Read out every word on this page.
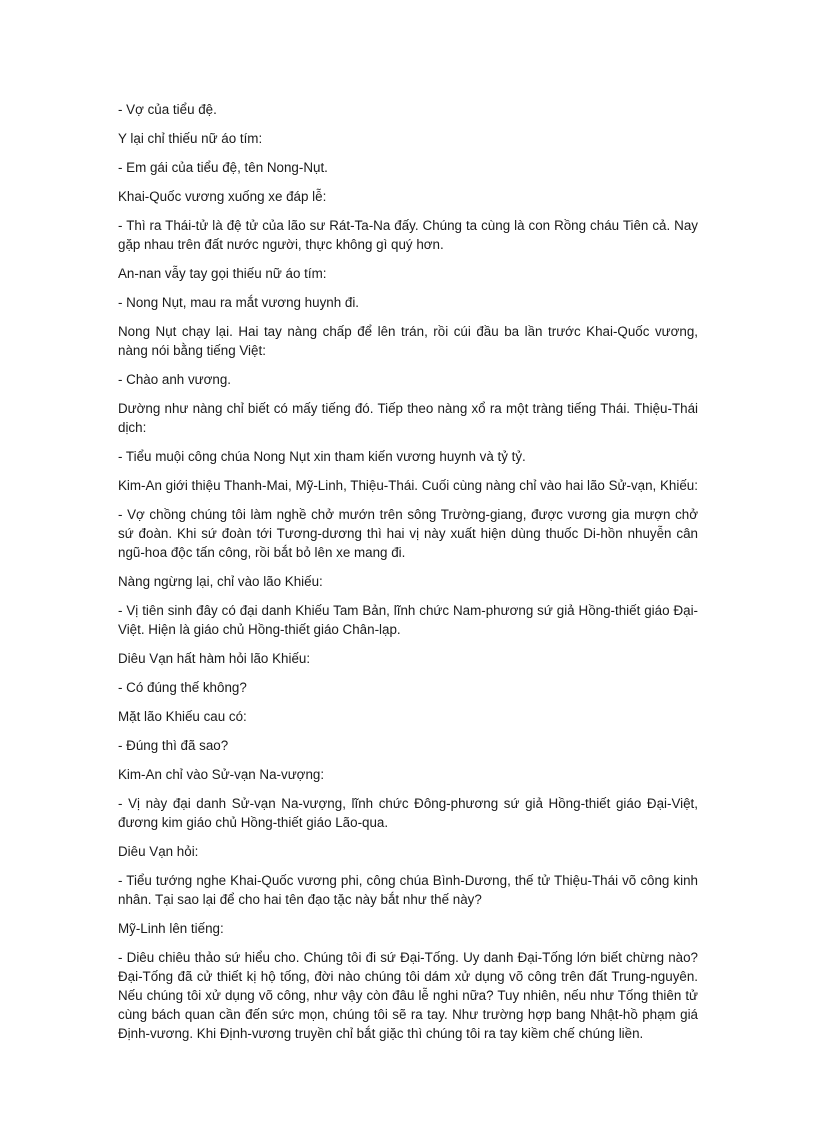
- Vợ của tiểu đệ.

Y lại chỉ thiếu nữ áo tím:

- Em gái của tiểu đệ, tên Nong-Nụt.

Khai-Quốc vương xuống xe đáp lễ:

- Thì ra Thái-tử là đệ tử của lão sư Rát-Ta-Na đấy. Chúng ta cùng là con Rồng cháu Tiên cả. Nay gặp nhau trên đất nước người, thực không gì quý hơn.

An-nan vẫy tay gọi thiếu nữ áo tím:

- Nong Nụt, mau ra mắt vương huynh đi.

Nong Nụt chạy lại. Hai tay nàng chấp để lên trán, rồi cúi đầu ba lần trước Khai-Quốc vương, nàng nói bằng tiếng Việt:

- Chào anh vương.

Dường như nàng chỉ biết có mấy tiếng đó. Tiếp theo nàng xổ ra một tràng tiếng Thái. Thiệu-Thái dịch:

- Tiểu muội công chúa Nong Nụt xin tham kiến vương huynh và tỷ tỷ.

Kim-An giới thiệu Thanh-Mai, Mỹ-Linh, Thiệu-Thái. Cuối cùng nàng chỉ vào hai lão Sử-vạn, Khiếu:

- Vợ chồng chúng tôi làm nghề chở mướn trên sông Trường-giang, được vương gia mượn chở sứ đoàn. Khi sứ đoàn tới Tương-dương thì hai vị này xuất hiện dùng thuốc Di-hồn nhuyễn cân ngũ-hoa độc tấn công, rồi bắt bỏ lên xe mang đi.

Nàng ngừng lại, chỉ vào lão Khiếu:

- Vị tiên sinh đây có đại danh Khiếu Tam Bản, lĩnh chức Nam-phương sứ giả Hồng-thiết giáo Đại-Việt. Hiện là giáo chủ Hồng-thiết giáo Chân-lạp.

Diêu Vạn hất hàm hỏi lão Khiếu:

- Có đúng thế không?

Mặt lão Khiếu cau có:

- Đúng thì đã sao?

Kim-An chỉ vào Sử-vạn Na-vượng:

- Vị này đại danh Sử-vạn Na-vượng, lĩnh chức Đông-phương sứ giả Hồng-thiết giáo Đại-Việt, đương kim giáo chủ Hồng-thiết giáo Lão-qua.

Diêu Vạn hỏi:

- Tiểu tướng nghe Khai-Quốc vương phi, công chúa Bình-Dương, thế tử Thiệu-Thái võ công kinh nhân. Tại sao lại để cho hai tên đạo tặc này bắt như thế này?

Mỹ-Linh lên tiếng:

- Diêu chiêu thảo sứ hiểu cho. Chúng tôi đi sứ Đại-Tống. Uy danh Đại-Tống lớn biết chừng nào? Đại-Tống đã cử thiết kị hộ tống, đời nào chúng tôi dám xử dụng võ công trên đất Trung-nguyên. Nếu chúng tôi xử dụng võ công, như vậy còn đâu lễ nghi nữa? Tuy nhiên, nếu như Tống thiên tử cùng bách quan cần đến sức mọn, chúng tôi sẽ ra tay. Như trường hợp bang Nhật-hồ phạm giá Định-vương. Khi Định-vương truyền chỉ bắt giặc thì chúng tôi ra tay kiềm chế chúng liền.
